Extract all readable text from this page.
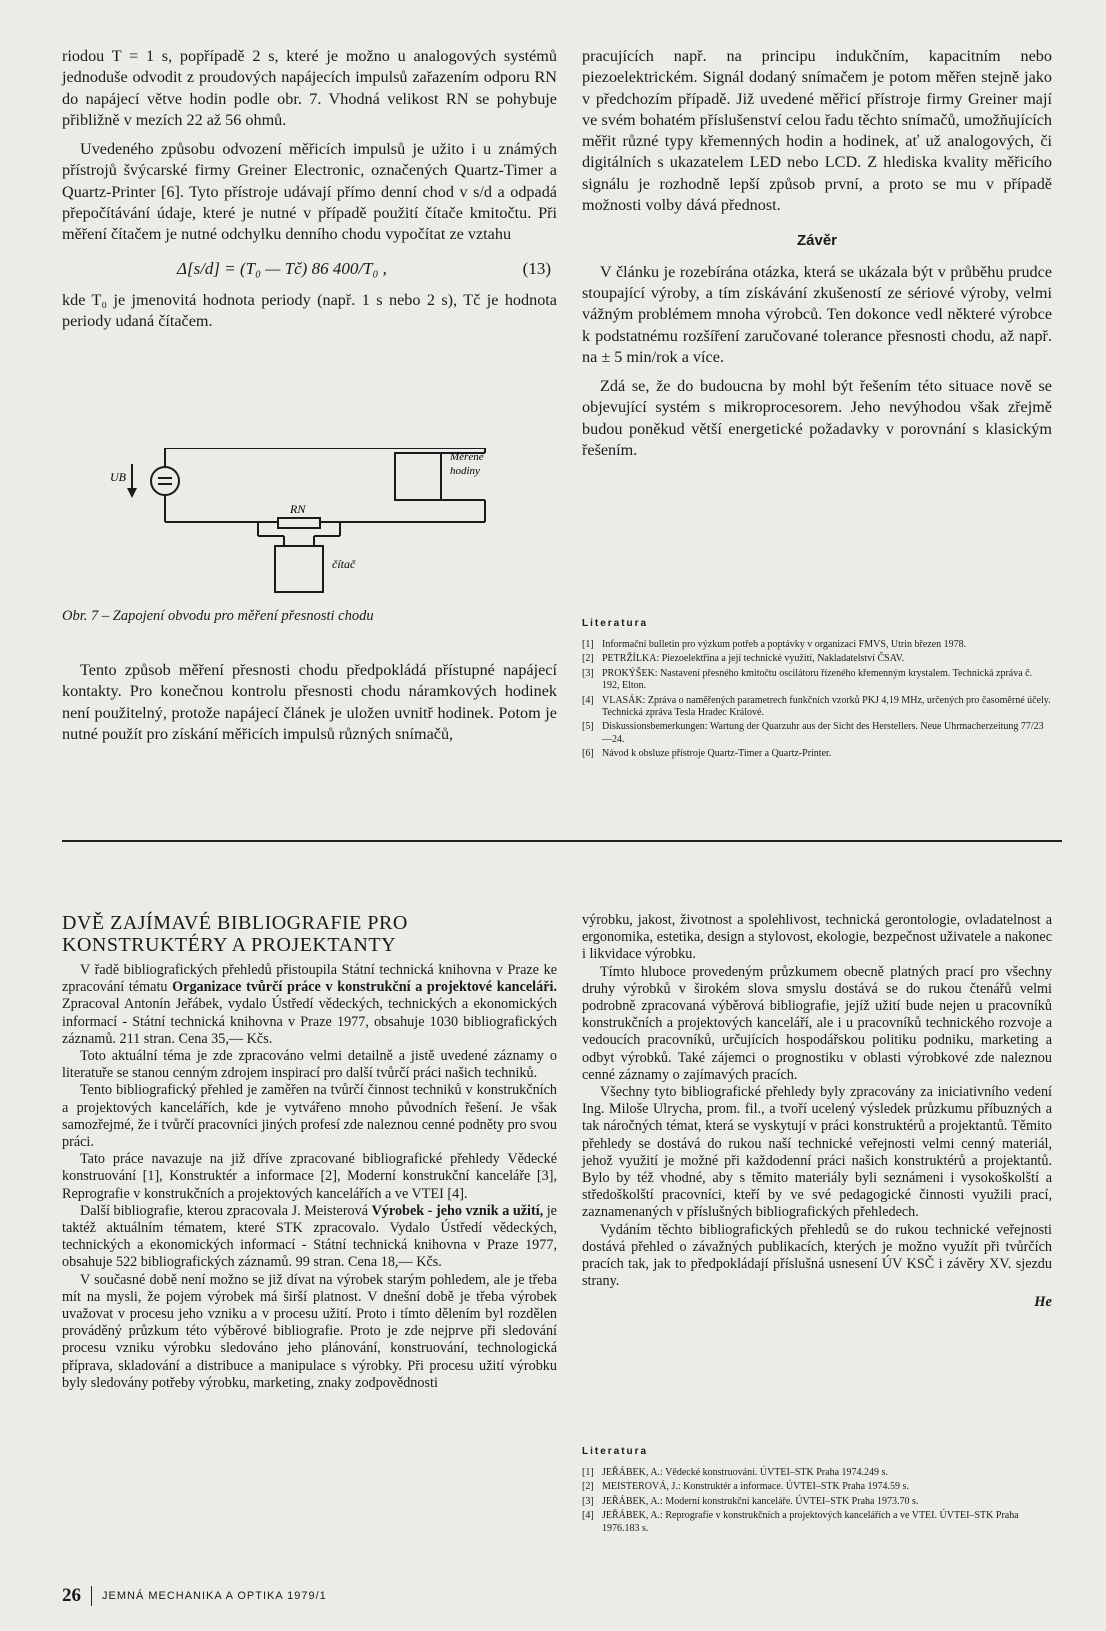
riodou T = 1 s, popřípadě 2 s, které je možno u analogových systémů jednoduše odvodit z proudových napájecích impulsů zařazením odporu RN do napájecí větve hodin podle obr. 7. Vhodná velikost RN se pohybuje přibližně v mezích 22 až 56 ohmů.

Uvedeného způsobu odvození měřicích impulsů je užito i u známých přístrojů švýcarské firmy Greiner Electronic, označených Quartz-Timer a Quartz-Printer [6]. Tyto přístroje udávají přímo denní chod v s/d a odpadá přepočítávání údaje, které je nutné v případě použití čítače kmitočtu. Při měření čítačem je nutné odchylku denního chodu vypočítat ze vztahu

Δ[s/d] = (T₀ — Tč) 86 400/T₀ ,	(13)

kde T₀ je jmenovitá hodnota periody (např. 1 s nebo 2 s), Tč je hodnota periody udaná čítačem.

UB
RN
Měřené
hodiny
čítač
Obr. 7 – Zapojení obvodu pro měření přesnosti chodu

Tento způsob měření přesnosti chodu předpokládá přístupné napájecí kontakty. Pro konečnou kontrolu přesnosti chodu náramkových hodinek není použitelný, protože napájecí článek je uložen uvnitř hodinek. Potom je nutné použít pro získání měřicích impulsů různých snímačů,

pracujících např. na principu indukčním, kapacitním nebo piezoelektrickém. Signál dodaný snímačem je potom měřen stejně jako v předchozím případě. Již uvedené měřicí přístroje firmy Greiner mají ve svém bohatém příslušenství celou řadu těchto snímačů, umožňujících měřit různé typy křemenných hodin a hodinek, ať už analogových, či digitálních s ukazatelem LED nebo LCD. Z hlediska kvality měřicího signálu je rozhodně lepší způsob první, a proto se mu v případě možnosti volby dává přednost.

Závěr

V článku je rozebírána otázka, která se ukázala být v průběhu prudce stoupající výroby, a tím získávání zkušeností ze sériové výroby, velmi vážným problémem mnoha výrobců. Ten dokonce vedl některé výrobce k podstatnému rozšíření zaručované tolerance přesnosti chodu, až např. na ± 5 min/rok a více.

Zdá se, že do budoucna by mohl být řešením této situace nově se objevující systém s mikroprocesorem. Jeho nevýhodou však zřejmě budou poněkud větší energetické požadavky v porovnání s klasickým řešením.

Literatura
[1] Informační bulletin pro výzkum potřeb a poptávky v organizaci FMVS, Utrin březen 1978.
[2] PETRŽÍLKA: Piezoelektřina a její technické využití, Nakladatelství ČSAV.
[3] PROKÝŠEK: Nastavení přesného kmitočtu oscilátoru řízeného křemenným krystalem. Technická zpráva č. 192, Elton.
[4] VLASÁK: Zpráva o naměřených parametrech funkčních vzorků PKJ 4,19 MHz, určených pro časoměrné účely. Technická zpráva Tesla Hradec Králové.
[5] Diskussionsbemerkungen: Wartung der Quarzuhr aus der Sicht des Herstellers. Neue Uhrmacherzeitung 77/23—24.
[6] Návod k obsluze přístroje Quartz-Timer a Quartz-Printer.
DVĚ ZAJÍMAVÉ BIBLIOGRAFIE PRO KONSTRUKTÉRY A PROJEKTANTY

V řadě bibliografických přehledů přistoupila Státní technická knihovna v Praze ke zpracování tématu Organizace tvůrčí práce v konstrukční a projektové kanceláři. Zpracoval Antonín Jeřábek, vydalo Ústředí vědeckých, technických a ekonomických informací - Státní technická knihovna v Praze 1977, obsahuje 1030 bibliografických záznamů. 211 stran. Cena 35,— Kčs.

Toto aktuální téma je zde zpracováno velmi detailně a jistě uvedené záznamy o literatuře se stanou cenným zdrojem inspirací pro další tvůrčí práci našich techniků.

Tento bibliografický přehled je zaměřen na tvůrčí činnost techniků v konstrukčních a projektových kancelářích, kde je vytvářeno mnoho původních řešení. Je však samozřejmé, že i tvůrčí pracovníci jiných profesí zde naleznou cenné podněty pro svou práci.

Tato práce navazuje na již dříve zpracované bibliografické přehledy Vědecké konstruování [1], Konstruktér a informace [2], Moderní konstrukční kanceláře [3], Reprografie v konstrukčních a projektových kancelářích a ve VTEI [4].

Další bibliografie, kterou zpracovala J. Meisterová Výrobek - jeho vznik a užití, je taktéž aktuálním tématem, které STK zpracovalo. Vydalo Ústředí vědeckých, technických a ekonomických informací - Státní technická knihovna v Praze 1977, obsahuje 522 bibliografických záznamů. 99 stran. Cena 18,— Kčs.

V současné době není možno se již dívat na výrobek starým pohledem, ale je třeba mít na mysli, že pojem výrobek má širší platnost. V dnešní době je třeba výrobek uvažovat v procesu jeho vzniku a v procesu užití. Proto i tímto dělením byl rozdělen prováděný průzkum této výběrové bibliografie. Proto je zde nejprve při sledování procesu vzniku výrobku sledováno jeho plánování, konstruování, technologická příprava, skladování a distribuce a manipulace s výrobky. Při procesu užití výrobku byly sledovány potřeby výrobku, marketing, znaky zodpovědnosti

výrobku, jakost, životnost a spolehlivost, technická gerontologie, ovladatelnost a ergonomika, estetika, design a stylovost, ekologie, bezpečnost uživatele a nakonec i likvidace výrobku.

Tímto hluboce provedeným průzkumem obecně platných prací pro všechny druhy výrobků v širokém slova smyslu dostává se do rukou čtenářů velmi podrobně zpracovaná výběrová bibliografie, jejíž užití bude nejen u pracovníků konstrukčních a projektových kanceláří, ale i u pracovníků technického rozvoje a vedoucích pracovníků, určujících hospodářskou politiku podniku, marketing a odbyt výrobků. Také zájemci o prognostiku v oblasti výrobkové zde naleznou cenné záznamy o zajímavých pracích.

Všechny tyto bibliografické přehledy byly zpracovány za iniciativního vedení Ing. Miloše Ulrycha, prom. fil., a tvoří ucelený výsledek průzkumu příbuzných a tak náročných témat, která se vyskytují v práci konstruktérů a projektantů. Těmito přehledy se dostává do rukou naší technické veřejnosti velmi cenný materiál, jehož využití je možné při každodenní práci našich konstruktérů a projektantů. Bylo by též vhodné, aby s těmito materiály byli seznámeni i vysokoškolští a středoškolští pracovníci, kteří by ve své pedagogické činnosti využili prací, zaznamenaných v příslušných bibliografických přehledech.

Vydáním těchto bibliografických přehledů se do rukou technické veřejnosti dostává přehled o závažných publikacích, kterých je možno využít při tvůrčích pracích tak, jak to předpokládají příslušná usnesení ÚV KSČ i závěry XV. sjezdu strany.

He
Literatura
[1] JEŘÁBEK, A.: Vědecké konstruování. ÚVTEI–STK Praha 1974.249 s.
[2] MEISTEROVÁ, J.: Konstruktér a informace. ÚVTEI–STK Praha 1974.59 s.
[3] JEŘÁBEK, A.: Moderní konstrukční kanceláře. ÚVTEI–STK Praha 1973.70 s.
[4] JEŘÁBEK, A.: Reprografie v konstrukčních a projektových kancelářích a ve VTEI. ÚVTEI–STK Praha 1976.183 s.
26 JEMNÁ MECHANIKA A OPTIKA 1979/1
